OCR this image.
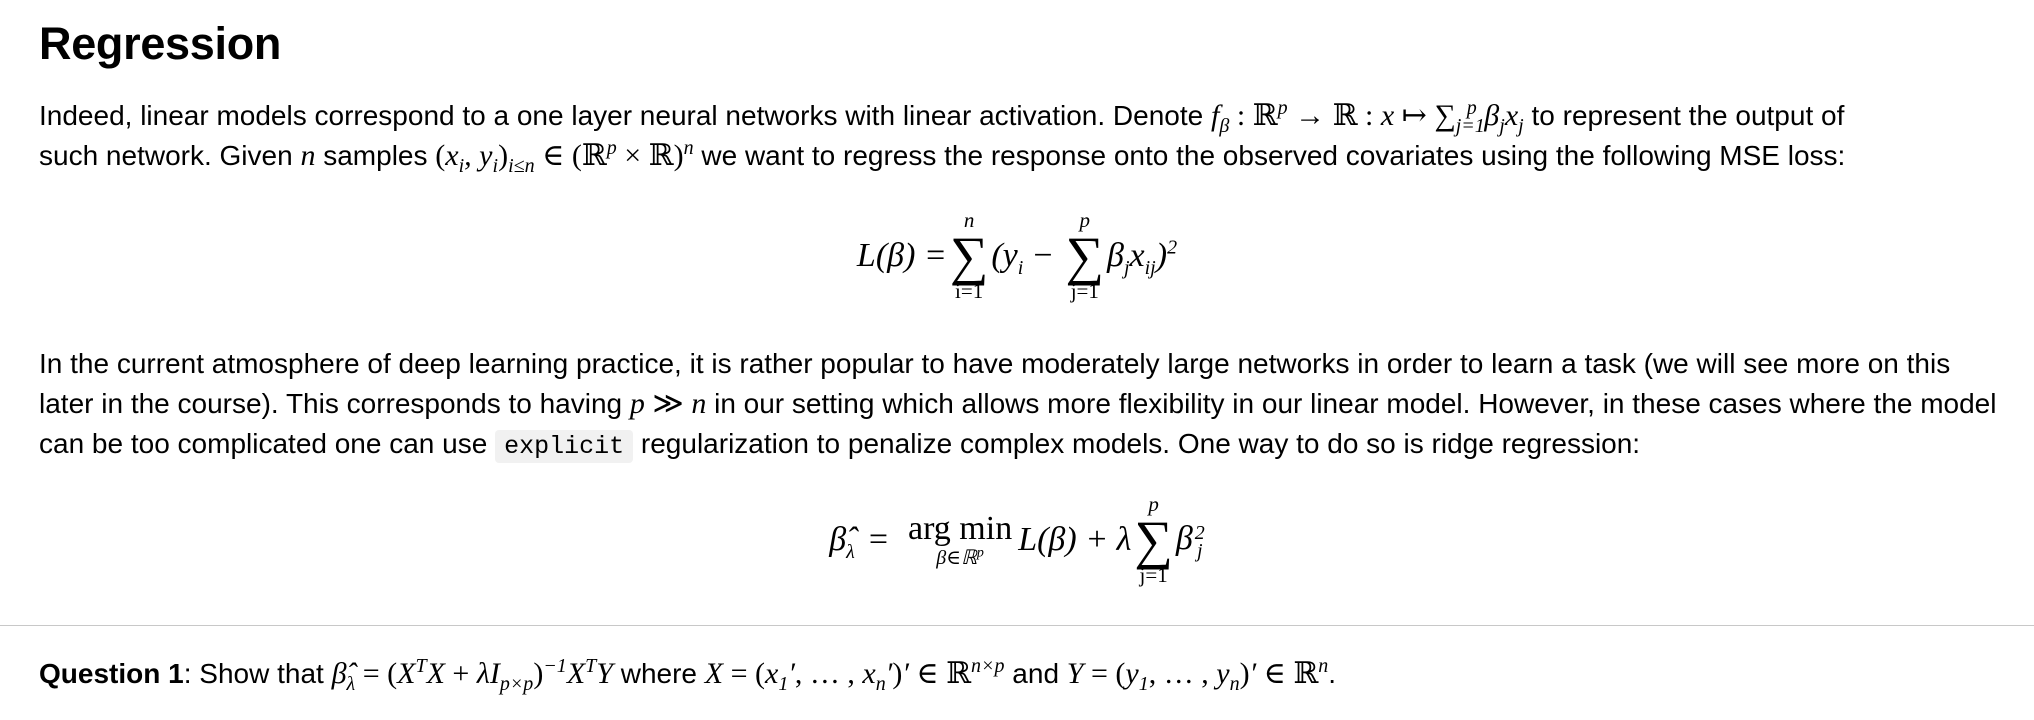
Regression

Indeed, linear models correspond to a one layer neural networks with linear activation. Denote $f_\beta$ : ℝ$^p$ → ℝ : x ↦ $\sum_{j=1}^p$ $\beta_jx_j$ to represent the output of
such network. Given n samples ($x_i$, $y_i)_{i\le n}$ ∈ (ℝ$^p$ × ℝ)$^n$ we want to regress the response onto the observed covariates using the following MSE loss:

L(β) =
n
∑
i=1
($y_i$ −
p
∑
j=1
$\beta_jx_{ij})^2$

In the current atmosphere of deep learning practice, it is rather popular to have moderately large networks in order to learn a task (we will see more on this
later in the course). This corresponds to having p ≫ n in our setting which allows more flexibility in our linear model. However, in these cases where the model
can be too complicated one can use explicit regularization to penalize complex models. One way to do so is ridge regression:

$\betâ_\lambda$ = arg min
β∈ℝ$^p$ L(β) + λ
p
∑
j=1
β 2
j

Question 1: Show that $\betâ_\lambda = (X^TX + \lambda I_{p\times p})^{-1}X^TY$ where $X = (x_1'$, … , $x_n')'$ ∈ ℝ$^{n\times p}$ and $Y = (y_1$, … , $y_n)'$ ∈ ℝ$^n$.
